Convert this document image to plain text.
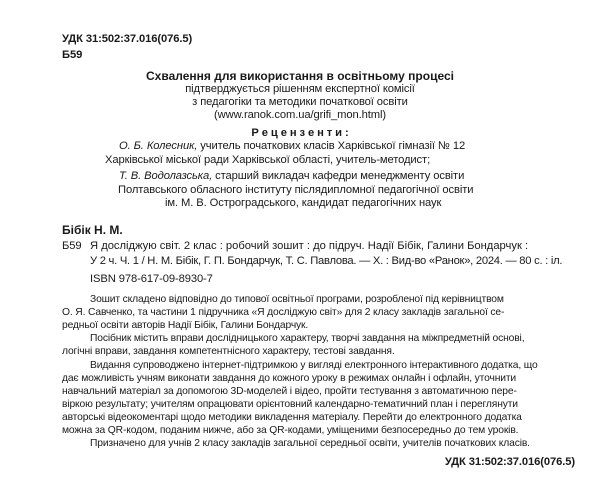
УДК 31:502:37.016(076.5)
Б59
Схвалення для використання в освітньому процесі
підтверджується рішенням експертної комісії
з педагогіки та методики початкової освіти
(www.ranok.com.ua/grifi_mon.html)
Р е ц е н з е н т и :
О. Б. Колесник, учитель початкових класів Харківської гімназії № 12
Харківської міської ради Харківської області, учитель-методист;
Т. В. Водолазська, старший викладач кафедри менеджменту освіти
Полтавського обласного інституту післядипломної педагогічної освіти
ім. М. В. Остроградського, кандидат педагогічних наук
Бібік Н. М.
Б59 Я досліджую світ. 2 клас : робочий зошит : до підруч. Надії Бібік, Галини Бондарчук :
У 2 ч. Ч. 1 / Н. М. Бібік, Г. П. Бондарчук, Т. С. Павлова. — Х. : Вид-во «Ранок», 2024. — 80 с. : іл.
ISBN 978-617-09-8930-7
Зошит складено відповідно до типової освітньої програми, розробленої під керівництвом
О. Я. Савченко, та частини 1 підручника «Я досліджую світ» для 2 класу закладів загальної се-
редньої освіти авторів Надії Бібік, Галини Бондарчук.
Посібник містить вправи дослідницького характеру, творчі завдання на міжпредметній основі,
логічні вправи, завдання компетентнісного характеру, тестові завдання.
Видання супроводжено інтернет-підтримкою у вигляді електронного інтерактивного додатка, що
дає можливість учням виконати завдання до кожного уроку в режимах онлайн і офлайн, уточнити
навчальний матеріал за допомогою 3D-моделей і відео, пройти тестування з автоматичною пере-
віркою результату; учителям опрацювати орієнтовний календарно-тематичний план і переглянути
авторські відеокоментарі щодо методики викладення матеріалу. Перейти до електронного додатка
можна за QR-кодом, поданим нижче, або за QR-кодами, уміщеними безпосередньо до тем уроків.
Призначено для учнів 2 класу закладів загальної середньої освіти, учителів початкових класів.
УДК 31:502:37.016(076.5)
